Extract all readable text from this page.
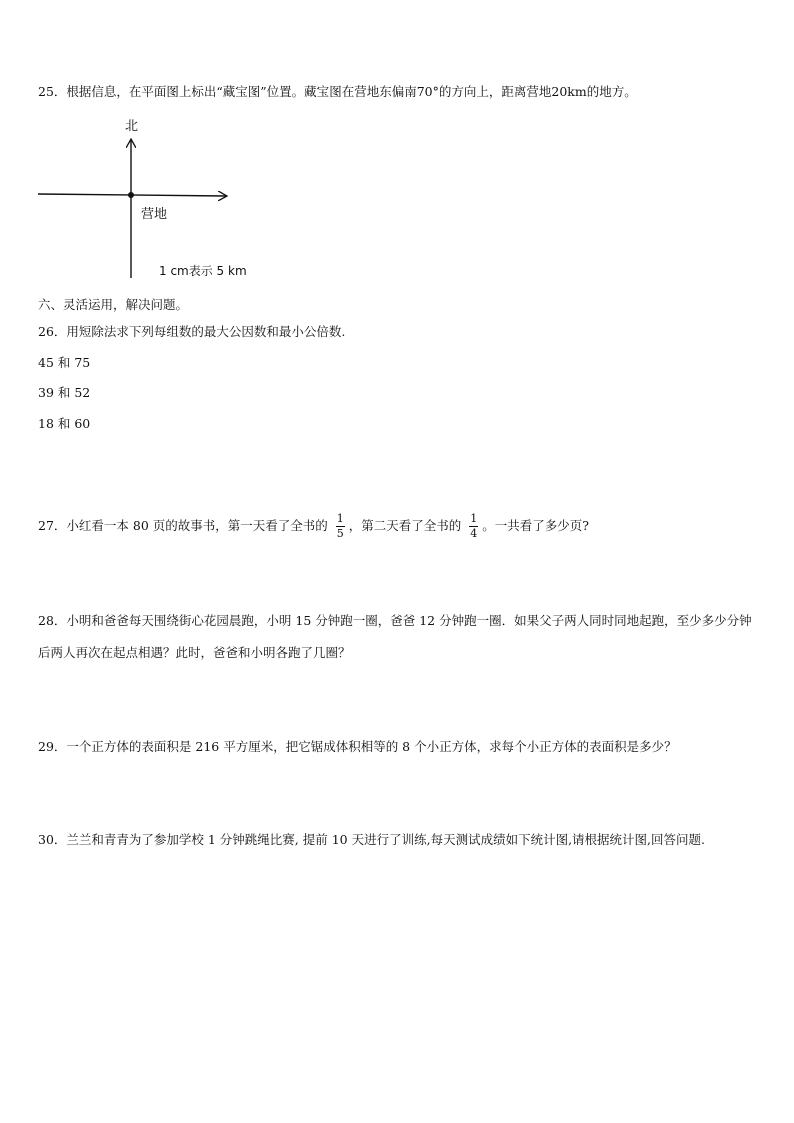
25．根据信息，在平面图上标出“藏宝图”位置。藏宝图在营地东偏南70°的方向上，距离营地20km的地方。
北
营地
1 cm表示 5 km
六、灵活运用，解决问题。
26．用短除法求下列每组数的最大公因数和最小公倍数.
45 和 75
39 和 52
18 和 60
27．小红看一本 80 页的故事书，第一天看了全书的 $\frac{1}{5}$ ，第二天看了全书的 $\frac{1}{4}$ 。一共看了多少页?
28．小明和爸爸每天围绕街心花园晨跑，小明 15 分钟跑一圈，爸爸 12 分钟跑一圈．如果父子两人同时同地起跑，至少多少分钟后两人再次在起点相遇？此时，爸爸和小明各跑了几圈？
29．一个正方体的表面积是 216 平方厘米，把它锯成体积相等的 8 个小正方体，求每个小正方体的表面积是多少？
30．兰兰和青青为了参加学校 1 分钟跳绳比赛, 提前 10 天进行了训练,每天测试成绩如下统计图,请根据统计图,回答问题.
